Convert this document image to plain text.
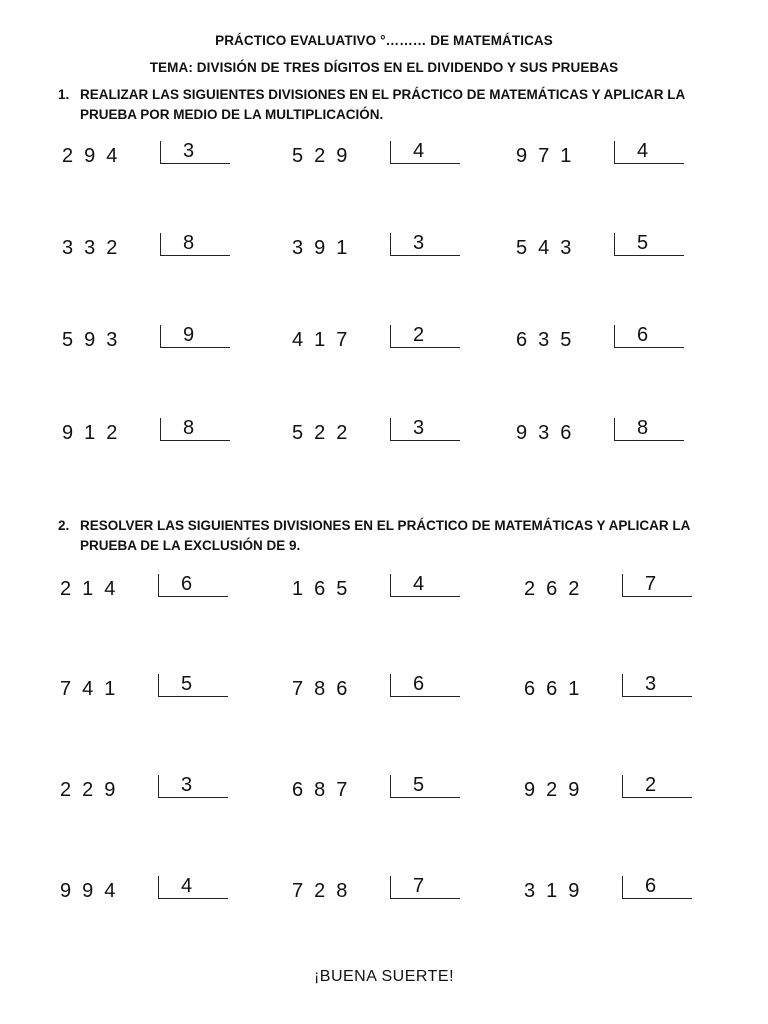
PRÁCTICO EVALUATIVO °……… DE MATEMÁTICAS
TEMA: DIVISIÓN DE TRES DÍGITOS EN EL DIVIDENDO Y SUS PRUEBAS
1. REALIZAR LAS SIGUIENTES DIVISIONES EN EL PRÁCTICO DE MATEMÁTICAS Y APLICAR LA PRUEBA POR MEDIO DE LA MULTIPLICACIÓN.
294	3	529	4	971	4
332	8	391	3	543	5
593	9	417	2	635	6
912	8	522	3	936	8
2. RESOLVER LAS SIGUIENTES DIVISIONES EN EL PRÁCTICO DE MATEMÁTICAS Y APLICAR LA PRUEBA DE LA EXCLUSIÓN DE 9.
214	6	165	4	262	7
741	5	786	6	661	3
229	3	687	5	929	2
994	4	728	7	319	6
¡BUENA SUERTE!
